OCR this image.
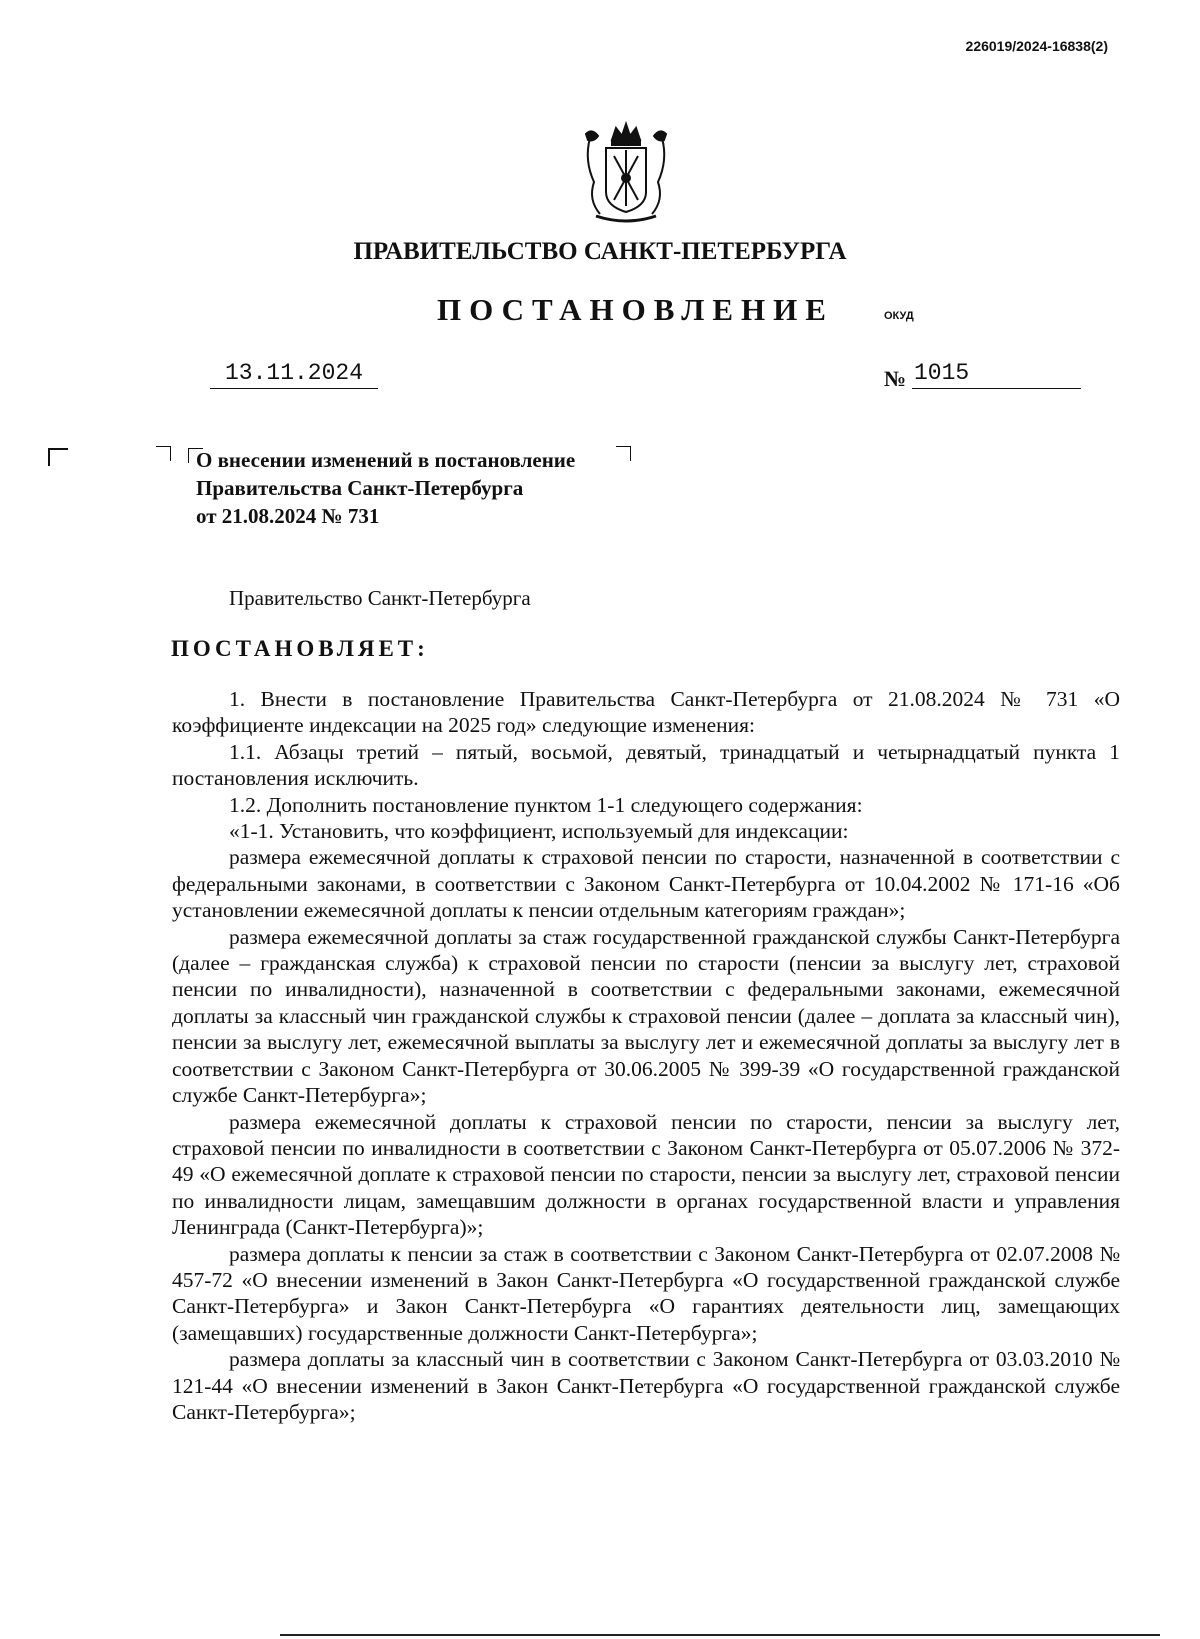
226019/2024-16838(2)
ПРАВИТЕЛЬСТВО САНКТ-ПЕТЕРБУРГА
ПОСТАНОВЛЕНИЕ	ОКУД
13.11.2024	№ 1015
О внесении изменений в постановление
Правительства Санкт-Петербурга
от 21.08.2024 № 731
Правительство Санкт-Петербурга
ПОСТАНОВЛЯЕТ:

1. Внести в постановление Правительства Санкт-Петербурга от 21.08.2024 № 731 «О коэффициенте индексации на 2025 год» следующие изменения:

1.1. Абзацы третий – пятый, восьмой, девятый, тринадцатый и четырнадцатый пункта 1 постановления исключить.

1.2. Дополнить постановление пунктом 1-1 следующего содержания:

«1-1. Установить, что коэффициент, используемый для индексации:

размера ежемесячной доплаты к страховой пенсии по старости, назначенной в соответствии с федеральными законами, в соответствии с Законом Санкт-Петербурга от 10.04.2002 № 171-16 «Об установлении ежемесячной доплаты к пенсии отдельным категориям граждан»;

размера ежемесячной доплаты за стаж государственной гражданской службы Санкт-Петербурга (далее – гражданская служба) к страховой пенсии по старости (пенсии за выслугу лет, страховой пенсии по инвалидности), назначенной в соответствии с федеральными законами, ежемесячной доплаты за классный чин гражданской службы к страховой пенсии (далее – доплата за классный чин), пенсии за выслугу лет, ежемесячной выплаты за выслугу лет и ежемесячной доплаты за выслугу лет в соответствии с Законом Санкт-Петербурга от 30.06.2005 № 399-39 «О государственной гражданской службе Санкт-Петербурга»;

размера ежемесячной доплаты к страховой пенсии по старости, пенсии за выслугу лет, страховой пенсии по инвалидности в соответствии с Законом Санкт-Петербурга от 05.07.2006 № 372-49 «О ежемесячной доплате к страховой пенсии по старости, пенсии за выслугу лет, страховой пенсии по инвалидности лицам, замещавшим должности в органах государственной власти и управления Ленинграда (Санкт-Петербурга)»;

размера доплаты к пенсии за стаж в соответствии с Законом Санкт-Петербурга от 02.07.2008 № 457-72 «О внесении изменений в Закон Санкт-Петербурга «О государственной гражданской службе Санкт-Петербурга» и Закон Санкт-Петербурга «О гарантиях деятельности лиц, замещающих (замещавших) государственные должности Санкт-Петербурга»;

размера доплаты за классный чин в соответствии с Законом Санкт-Петербурга от 03.03.2010 № 121-44 «О внесении изменений в Закон Санкт-Петербурга «О государственной гражданской службе Санкт-Петербурга»;
